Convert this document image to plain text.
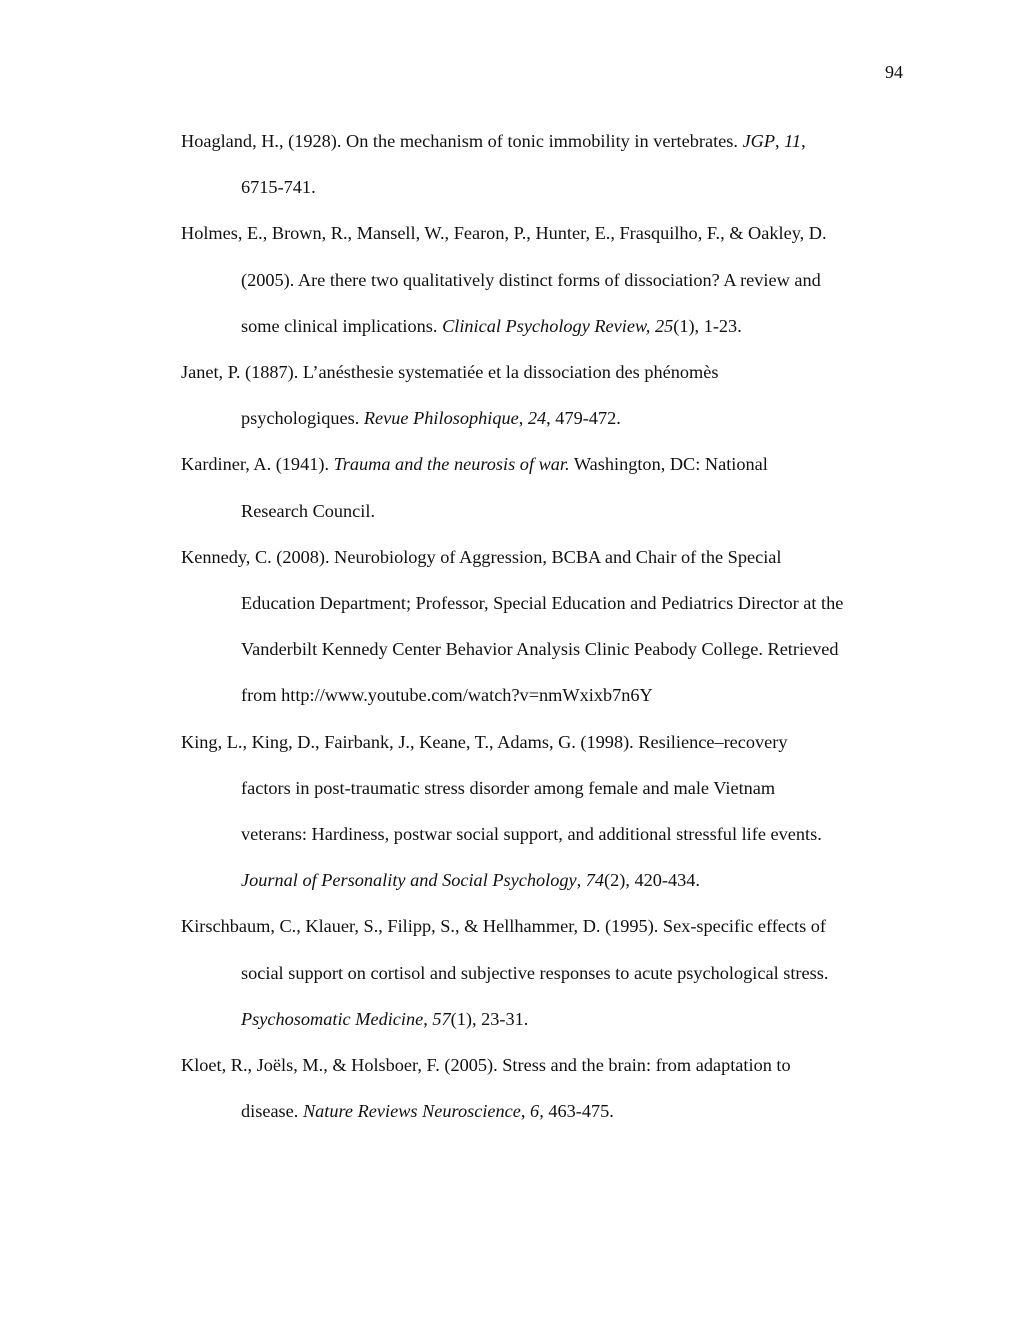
94

Hoagland, H., (1928). On the mechanism of tonic immobility in vertebrates. JGP, 11,
6715-741.

Holmes, E., Brown, R., Mansell, W., Fearon, P., Hunter, E., Frasquilho, F., & Oakley, D.
(2005). Are there two qualitatively distinct forms of dissociation? A review and
some clinical implications. Clinical Psychology Review, 25(1), 1-23.

Janet, P. (1887). L’anésthesie systematiée et la dissociation des phénomès
psychologiques. Revue Philosophique, 24, 479-472.

Kardiner, A. (1941). Trauma and the neurosis of war. Washington, DC: National
Research Council.

Kennedy, C. (2008). Neurobiology of Aggression, BCBA and Chair of the Special
Education Department; Professor, Special Education and Pediatrics Director at the
Vanderbilt Kennedy Center Behavior Analysis Clinic Peabody College. Retrieved
from http://www.youtube.com/watch?v=nmWxixb7n6Y

King, L., King, D., Fairbank, J., Keane, T., Adams, G. (1998). Resilience–recovery
factors in post-traumatic stress disorder among female and male Vietnam
veterans: Hardiness, postwar social support, and additional stressful life events.
Journal of Personality and Social Psychology, 74(2), 420-434.

Kirschbaum, C., Klauer, S., Filipp, S., & Hellhammer, D. (1995). Sex-specific effects of
social support on cortisol and subjective responses to acute psychological stress.
Psychosomatic Medicine, 57(1), 23-31.

Kloet, R., Joëls, M., & Holsboer, F. (2005). Stress and the brain: from adaptation to
disease. Nature Reviews Neuroscience, 6, 463-475.
